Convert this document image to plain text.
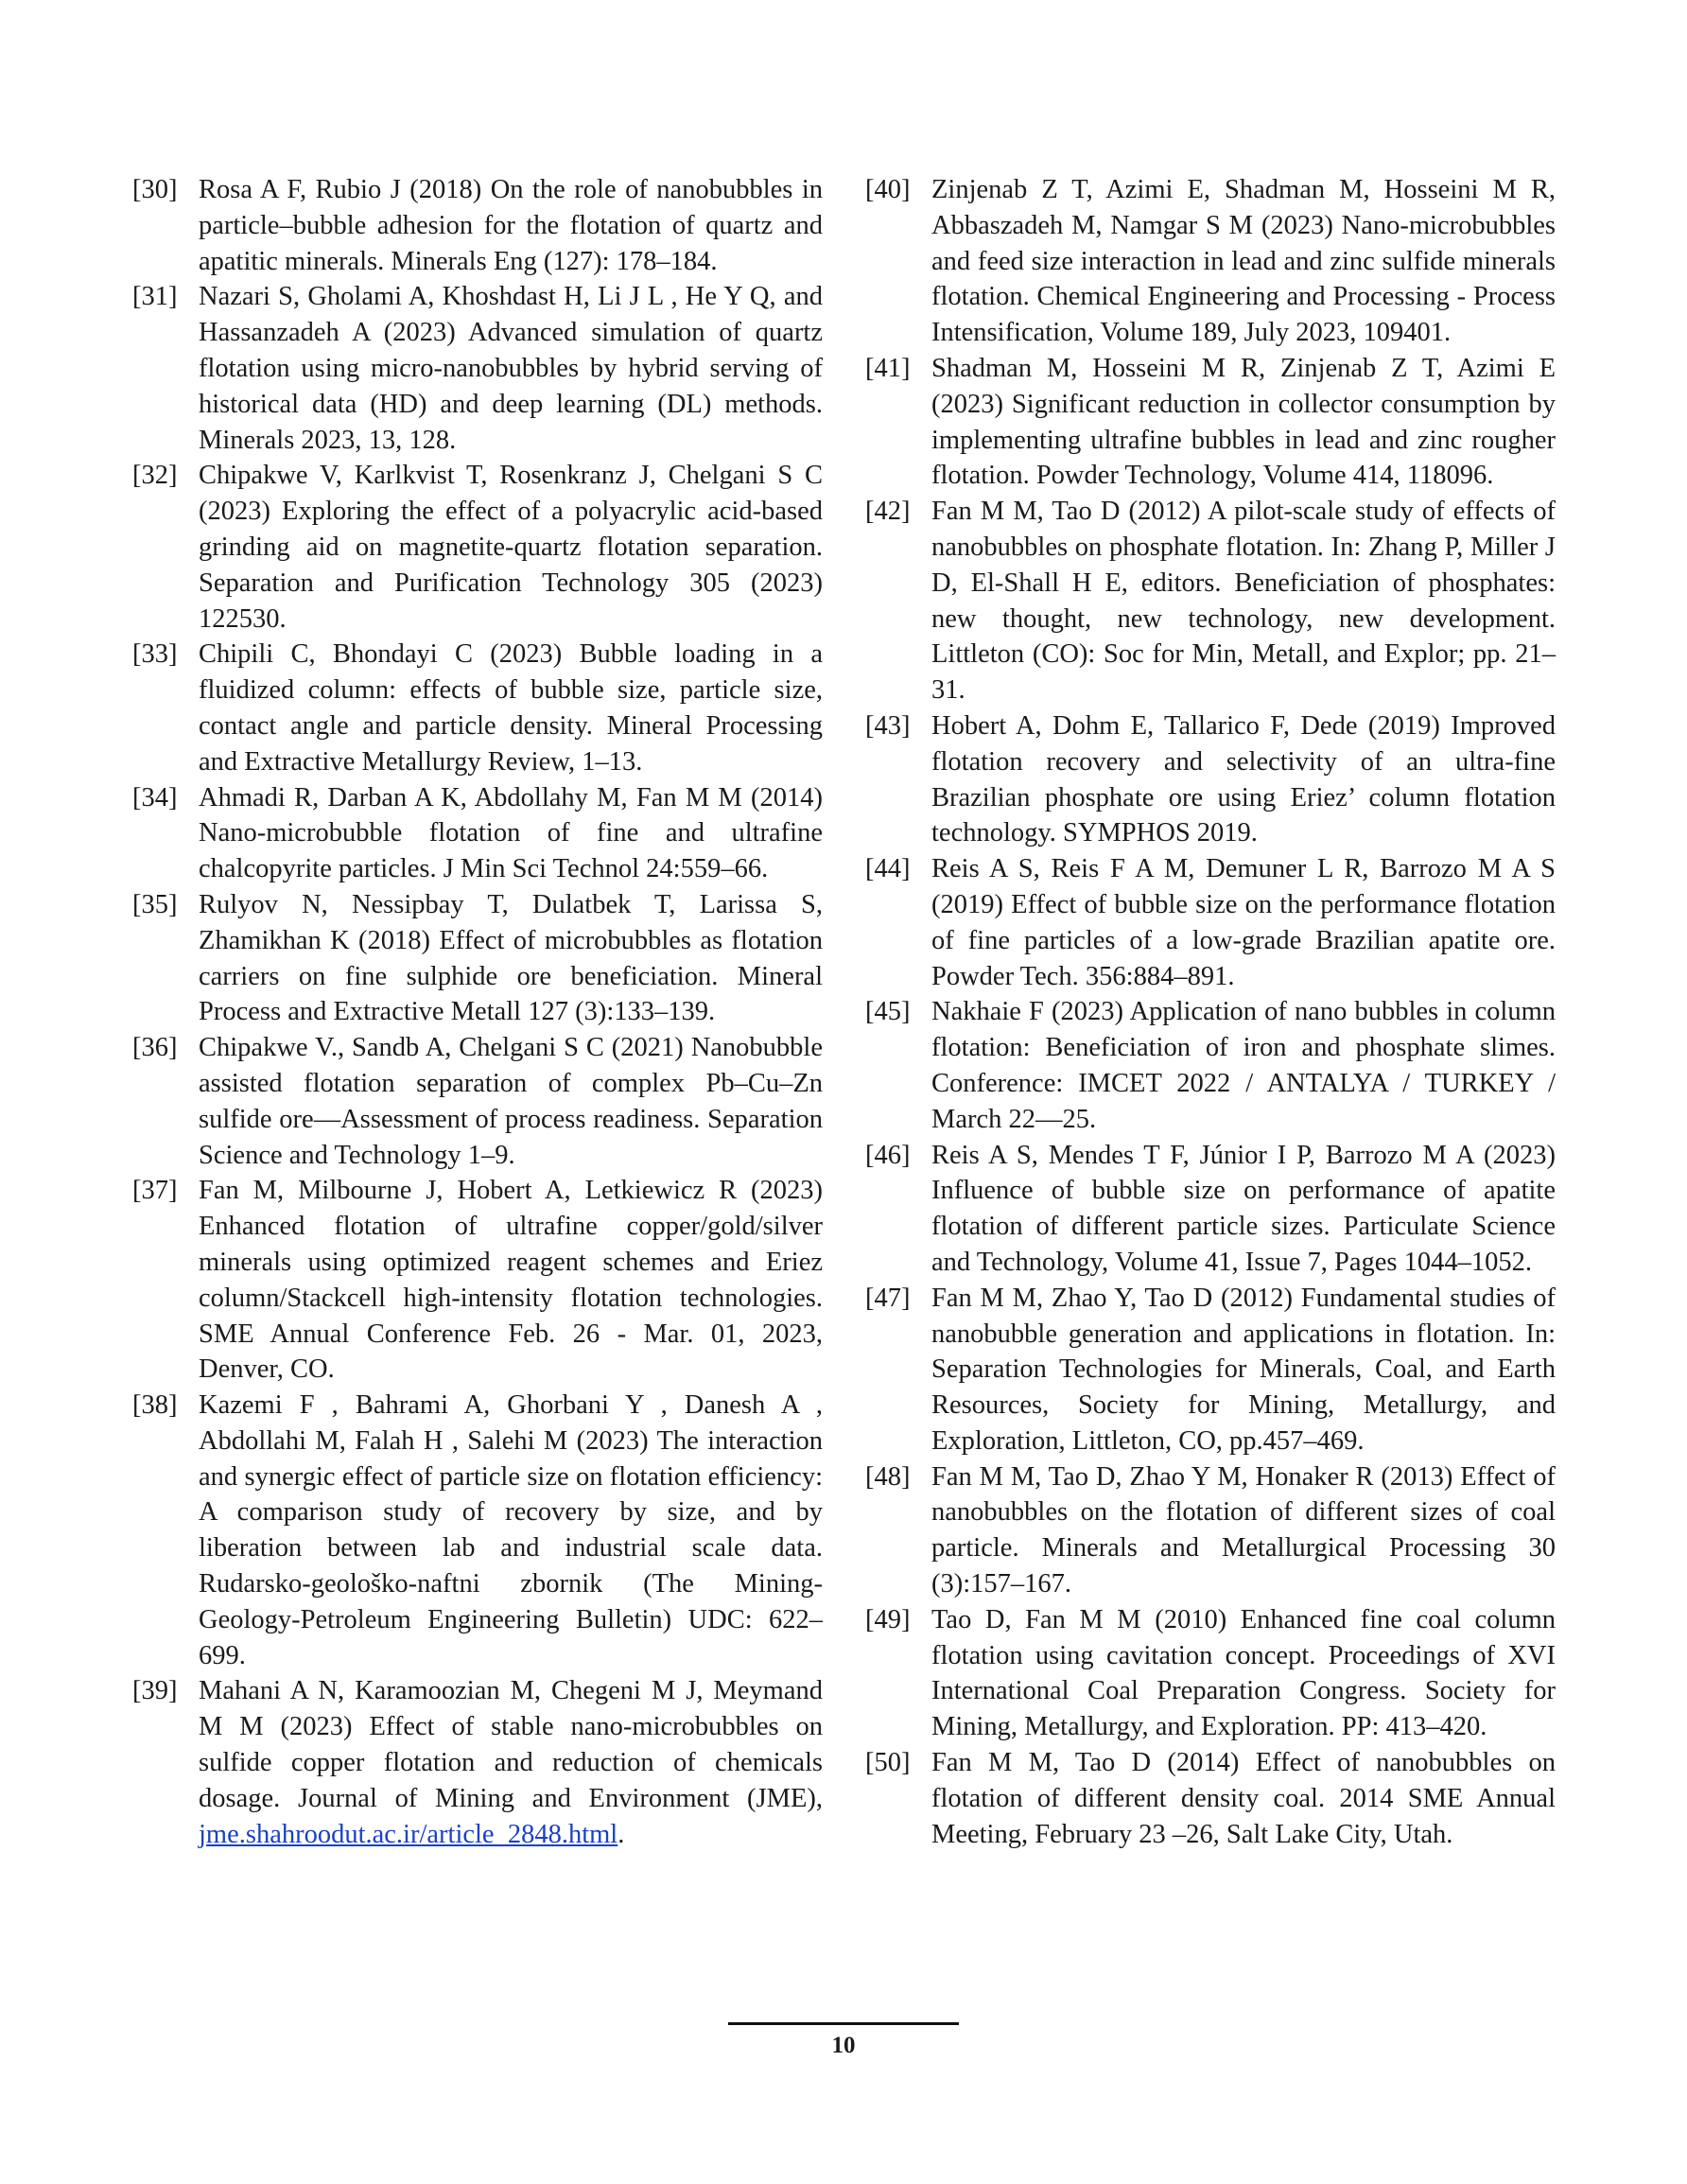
[30] Rosa A F, Rubio J (2018) On the role of nanobubbles in particle–bubble adhesion for the flotation of quartz and apatitic minerals. Minerals Eng (127): 178–184.
[31] Nazari S, Gholami A, Khoshdast H, Li J L , He Y Q, and Hassanzadeh A (2023) Advanced simulation of quartz flotation using micro-nanobubbles by hybrid serving of historical data (HD) and deep learning (DL) methods. Minerals 2023, 13, 128.
[32] Chipakwe V, Karlkvist T, Rosenkranz J, Chelgani S C (2023) Exploring the effect of a polyacrylic acid-based grinding aid on magnetite-quartz flotation separation. Separation and Purification Technology 305 (2023) 122530.
[33] Chipili C, Bhondayi C (2023) Bubble loading in a fluidized column: effects of bubble size, particle size, contact angle and particle density. Mineral Processing and Extractive Metallurgy Review, 1–13.
[34] Ahmadi R, Darban A K, Abdollahy M, Fan M M (2014) Nano-microbubble flotation of fine and ultrafine chalcopyrite particles. J Min Sci Technol 24:559–66.
[35] Rulyov N, Nessipbay T, Dulatbek T, Larissa S, Zhamikhan K (2018) Effect of microbubbles as flotation carriers on fine sulphide ore beneficiation. Mineral Process and Extractive Metall 127 (3):133–139.
[36] Chipakwe V., Sandb A, Chelgani S C (2021) Nanobubble assisted flotation separation of complex Pb–Cu–Zn sulfide ore—Assessment of process readiness. Separation Science and Technology 1–9.
[37] Fan M, Milbourne J, Hobert A, Letkiewicz R (2023) Enhanced flotation of ultrafine copper/gold/silver minerals using optimized reagent schemes and Eriez column/Stackcell high-intensity flotation technologies. SME Annual Conference Feb. 26 - Mar. 01, 2023, Denver, CO.
[38] Kazemi F , Bahrami A, Ghorbani Y , Danesh A , Abdollahi M, Falah H , Salehi M (2023) The interaction and synergic effect of particle size on flotation efficiency: A comparison study of recovery by size, and by liberation between lab and industrial scale data. Rudarsko-geološko-naftni zbornik (The Mining-Geology-Petroleum Engineering Bulletin) UDC: 622–699.
[39] Mahani A N, Karamoozian M, Chegeni M J, Meymand M M (2023) Effect of stable nano-microbubbles on sulfide copper flotation and reduction of chemicals dosage. Journal of Mining and Environment (JME), jme.shahroodut.ac.ir/article_2848.html.
[40] Zinjenab Z T, Azimi E, Shadman M, Hosseini M R, Abbaszadeh M, Namgar S M (2023) Nano-microbubbles and feed size interaction in lead and zinc sulfide minerals flotation. Chemical Engineering and Processing - Process Intensification, Volume 189, July 2023, 109401.
[41] Shadman M, Hosseini M R, Zinjenab Z T, Azimi E (2023) Significant reduction in collector consumption by implementing ultrafine bubbles in lead and zinc rougher flotation. Powder Technology, Volume 414, 118096.
[42] Fan M M, Tao D (2012) A pilot-scale study of effects of nanobubbles on phosphate flotation. In: Zhang P, Miller J D, El-Shall H E, editors. Beneficiation of phosphates: new thought, new technology, new development. Littleton (CO): Soc for Min, Metall, and Explor; pp. 21–31.
[43] Hobert A, Dohm E, Tallarico F, Dede (2019) Improved flotation recovery and selectivity of an ultra-fine Brazilian phosphate ore using Eriez’ column flotation technology. SYMPHOS 2019.
[44] Reis A S, Reis F A M, Demuner L R, Barrozo M A S (2019) Effect of bubble size on the performance flotation of fine particles of a low-grade Brazilian apatite ore. Powder Tech. 356:884–891.
[45] Nakhaie F (2023) Application of nano bubbles in column flotation: Beneficiation of iron and phosphate slimes. Conference: IMCET 2022 / ANTALYA / TURKEY / March 22—25.
[46] Reis A S, Mendes T F, Júnior I P, Barrozo M A (2023) Influence of bubble size on performance of apatite flotation of different particle sizes. Particulate Science and Technology, Volume 41, Issue 7, Pages 1044–1052.
[47] Fan M M, Zhao Y, Tao D (2012) Fundamental studies of nanobubble generation and applications in flotation. In: Separation Technologies for Minerals, Coal, and Earth Resources, Society for Mining, Metallurgy, and Exploration, Littleton, CO, pp.457–469.
[48] Fan M M, Tao D, Zhao Y M, Honaker R (2013) Effect of nanobubbles on the flotation of different sizes of coal particle. Minerals and Metallurgical Processing 30 (3):157–167.
[49] Tao D, Fan M M (2010) Enhanced fine coal column flotation using cavitation concept. Proceedings of XVI International Coal Preparation Congress. Society for Mining, Metallurgy, and Exploration. PP: 413–420.
[50] Fan M M, Tao D (2014) Effect of nanobubbles on flotation of different density coal. 2014 SME Annual Meeting, February 23 –26, Salt Lake City, Utah.
10
